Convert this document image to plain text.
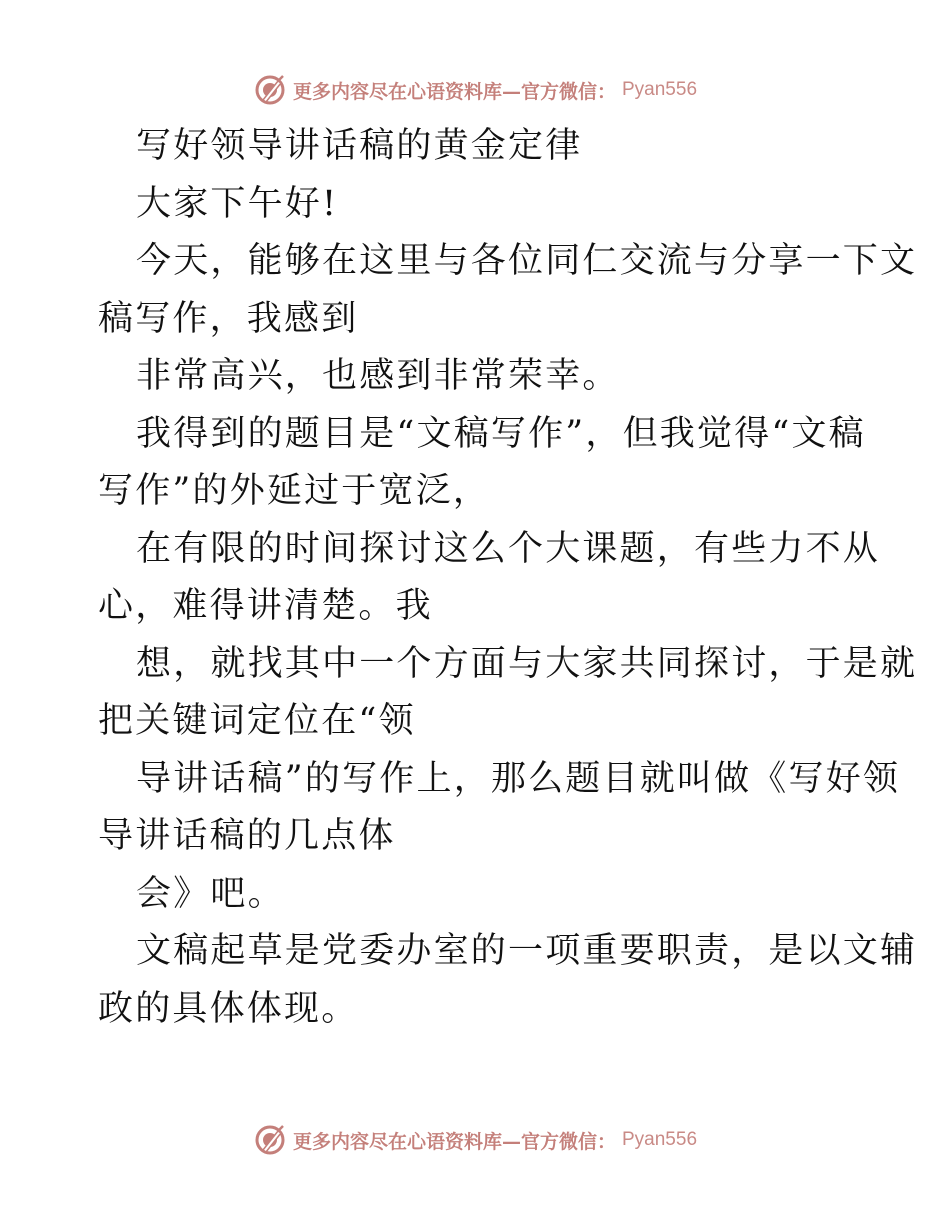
更多内容尽在心语资料库—官方微信： Pyan556

写好领导讲话稿的黄金定律

大家下午好!

今天，能够在这里与各位同仁交流与分享一下文
稿写作，我感到

非常高兴，也感到非常荣幸。

我得到的题目是“文稿写作”，但我觉得“文稿
写作”的外延过于宽泛，

在有限的时间探讨这么个大课题，有些力不从
心，难得讲清楚。我

想，就找其中一个方面与大家共同探讨，于是就
把关键词定位在“领

导讲话稿”的写作上，那么题目就叫做《写好领
导讲话稿的几点体

会》吧。

文稿起草是党委办室的一项重要职责，是以文辅
政的具体体现。

更多内容尽在心语资料库—官方微信： Pyan556
